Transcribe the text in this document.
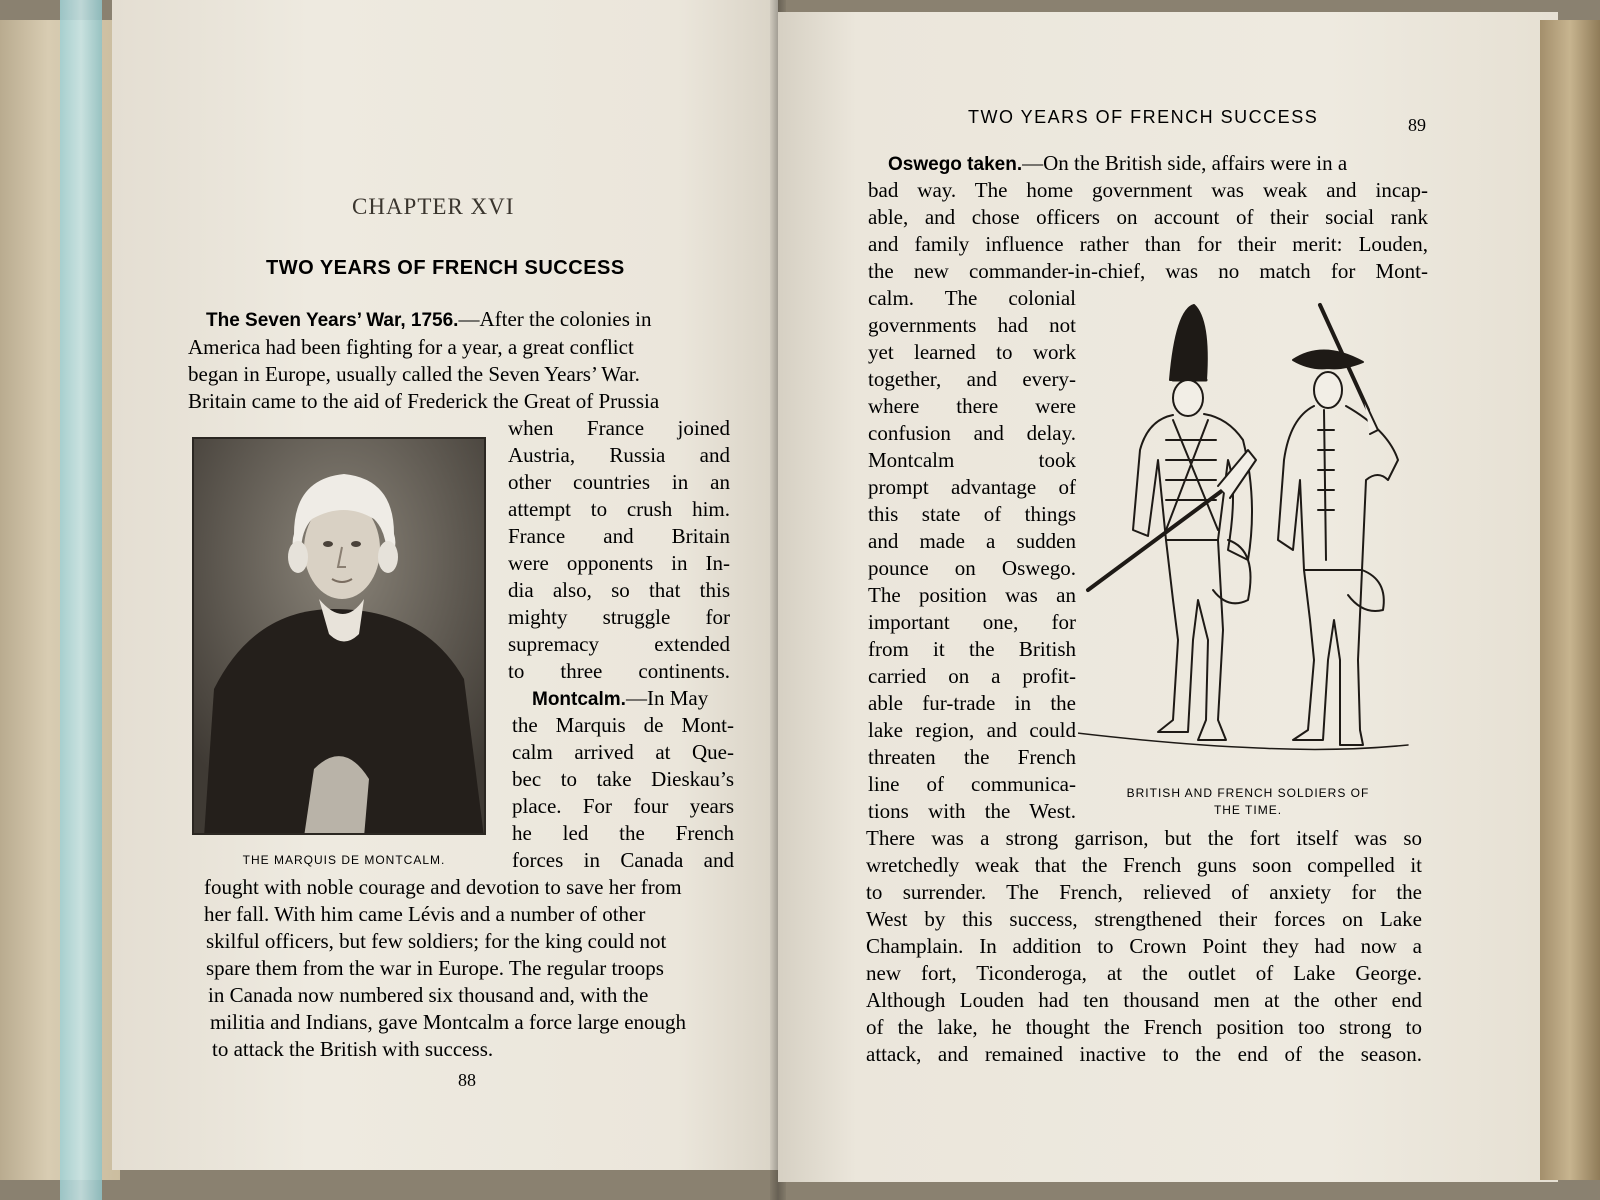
CHAPTER XVI
TWO YEARS OF FRENCH SUCCESS
The Seven Years’ War, 1756.—After the colonies in
America had been fighting for a year, a great conflict
began in Europe, usually called the Seven Years’ War.
Britain came to the aid of Frederick the Great of Prussia
when France joined
Austria, Russia and
other countries in an
attempt to crush him.
France and Britain
were opponents in In-
dia also, so that this
mighty struggle for
supremacy extended
to three continents.
Montcalm.—In May
the Marquis de Mont-
calm arrived at Que-
bec to take Dieskau’s
place. For four years
he led the French
forces in Canada and
fought with noble courage and devotion to save her from
her fall. With him came Lévis and a number of other
skilful officers, but few soldiers; for the king could not
spare them from the war in Europe. The regular troops
in Canada now numbered six thousand and, with the
militia and Indians, gave Montcalm a force large enough
to attack the British with success.
88
THE MARQUIS DE MONTCALM.
TWO YEARS OF FRENCH SUCCESS	89
Oswego taken.—On the British side, affairs were in a
bad way. The home government was weak and incap-
able, and chose officers on account of their social rank
and family influence rather than for their merit: Louden,
the new commander-in-chief, was no match for Mont-
calm. The colonial
governments had not
yet learned to work
together, and every-
where there were
confusion and delay.
Montcalm took
prompt advantage of
this state of things
and made a sudden
pounce on Oswego.
The position was an
important one, for
from it the British
carried on a profit-
able fur-trade in the
lake region, and could
threaten the French
line of communica-
tions with the West.
There was a strong garrison, but the fort itself was so
wretchedly weak that the French guns soon compelled it
to surrender. The French, relieved of anxiety for the
West by this success, strengthened their forces on Lake
Champlain. In addition to Crown Point they had now a
new fort, Ticonderoga, at the outlet of Lake George.
Although Louden had ten thousand men at the other end
of the lake, he thought the French position too strong to
attack, and remained inactive to the end of the season.
BRITISH AND FRENCH SOLDIERS OF
THE TIME.
